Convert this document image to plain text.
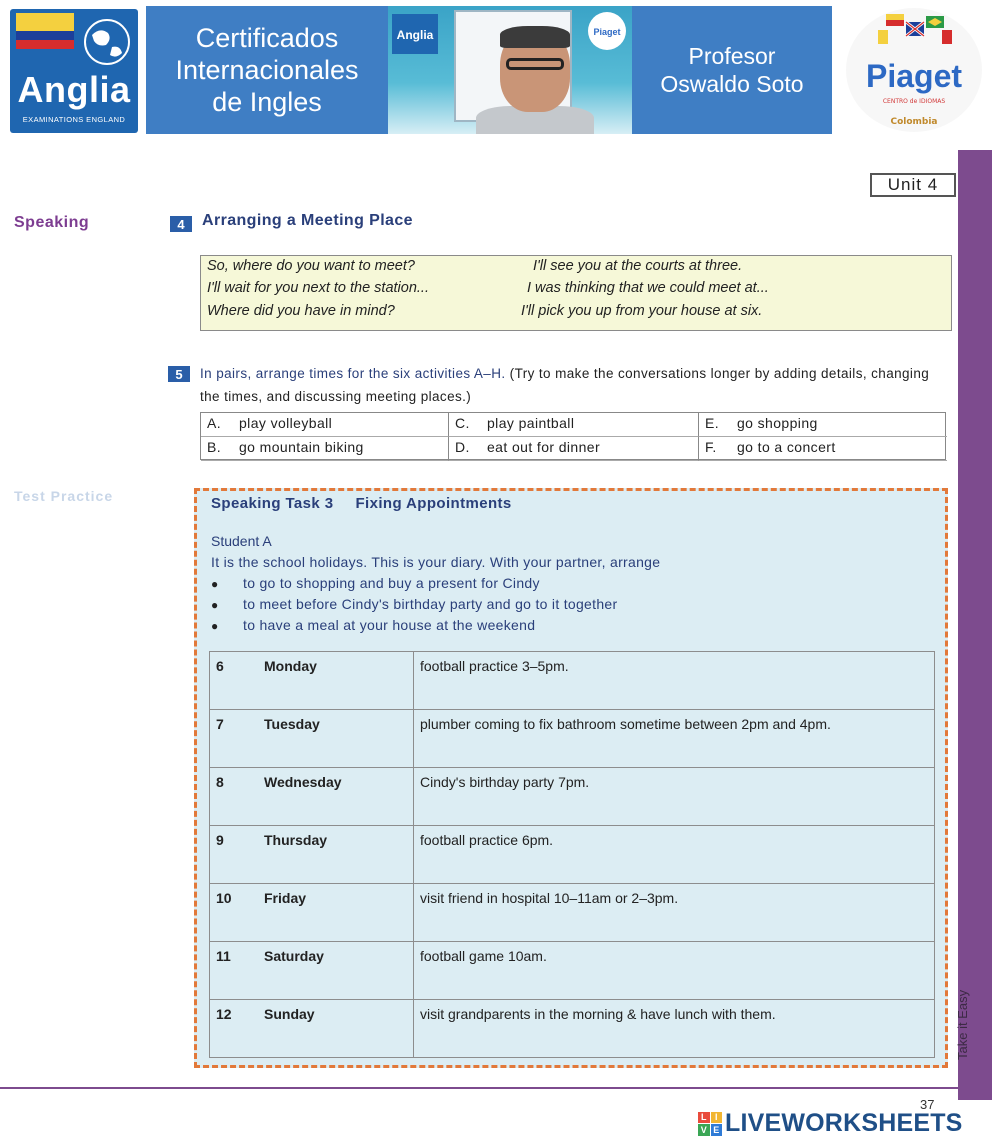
Anglia
EXAMINATIONS ENGLAND
Certificados
Internacionales
de Ingles
Anglia	Piaget
Profesor
Oswaldo Soto	Piaget
CENTRO de IDIOMAS
Colombia
Take it Easy
Unit 4
Speaking	4	Arranging a Meeting Place
So, where do you want to meet?	I'll see you at the courts at three.
I'll wait for you next to the station...	I was thinking that we could meet at...
Where did you have in mind?	I'll pick you up from your house at six.
5	In pairs, arrange times for the six activities A–H. (Try to make the conversations longer by adding details, changing the times, and discussing meeting places.)
A. play volleyball	C. play paintball	E. go shopping
B. go mountain biking	D. eat out for dinner	F. go to a concert
Test Practice	Speaking Task 3 Fixing Appointments
Student A
It is the school holidays. This is your diary. With your partner, arrange
● to go to shopping and buy a present for Cindy
● to meet before Cindy's birthday party and go to it together
● to have a meal at your house at the weekend
6 Monday	football practice 3–5pm.
7 Tuesday	plumber coming to fix bathroom sometime between 2pm and 4pm.
8 Wednesday	Cindy's birthday party 7pm.
9 Thursday	football practice 6pm.
10 Friday	visit friend in hospital 10–11am or 2–3pm.
11 Saturday	football game 10am.
12 Sunday	visit grandparents in the morning & have lunch with them.
37
L I
V E LIVEWORKSHEETS
